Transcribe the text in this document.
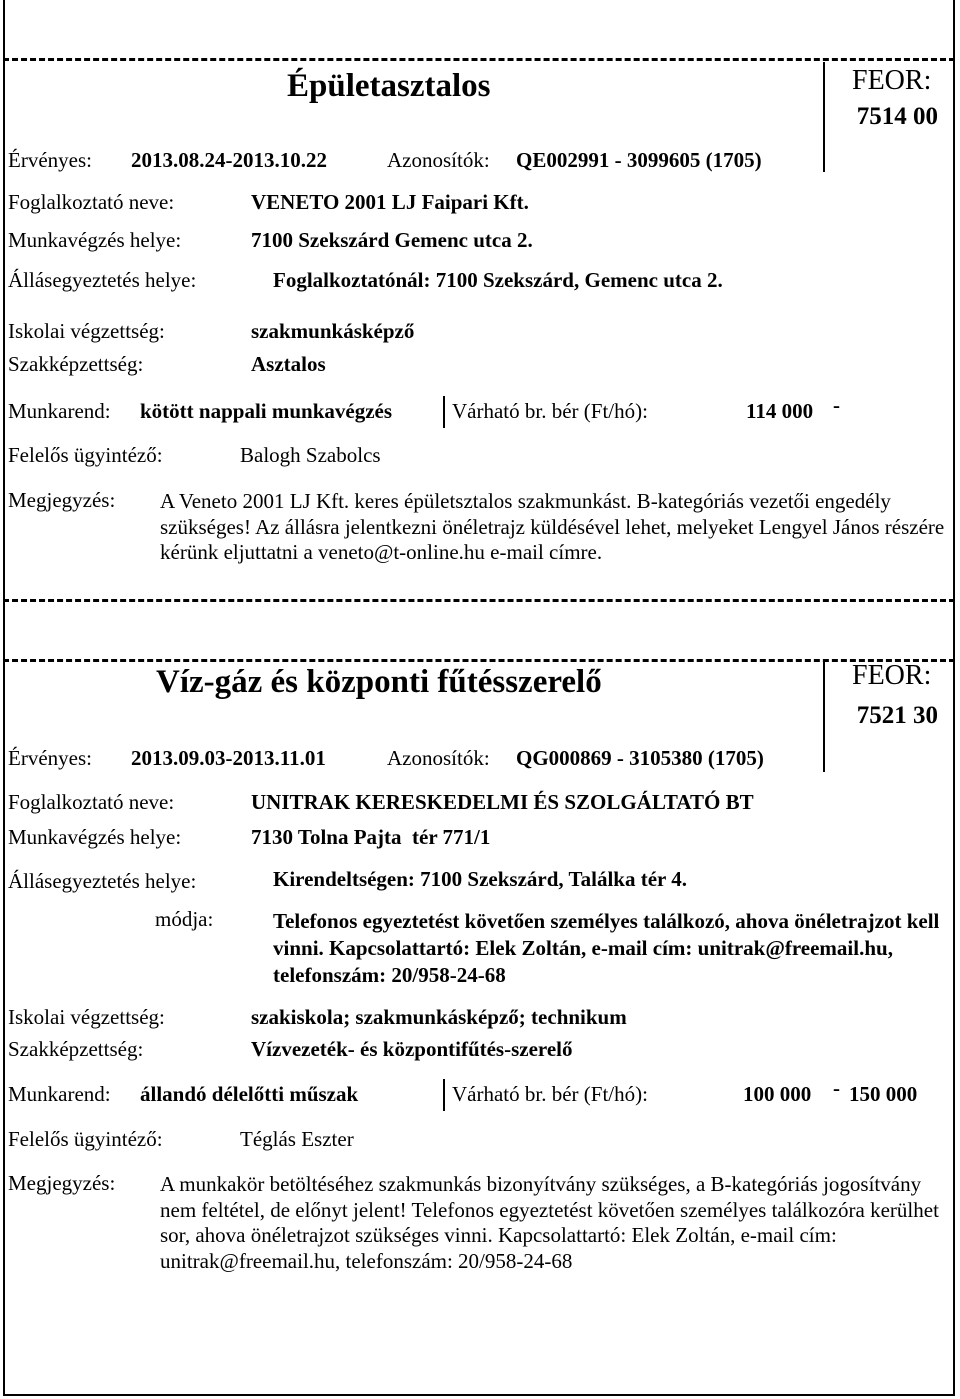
Épületasztalos	FEOR:
7514 00
Érvényes: 2013.08.24-2013.10.22	Azonosítók: QE002991 - 3099605 (1705)
Foglalkoztató neve:	VENETO 2001 LJ Faipari Kft.
Munkavégzés helye:	7100 Szekszárd Gemenc utca 2.
Állásegyeztetés helye:	Foglalkoztatónál: 7100 Szekszárd, Gemenc utca 2.
Iskolai végzettség:	szakmunkásképző
Szakképzettség:	Asztalos
Munkarend: kötött nappali munkavégzés	Várható br. bér (Ft/hó):	114 000 -
Felelős ügyintéző:	Balogh Szabolcs
Megjegyzés: A Veneto 2001 LJ Kft. keres épületsztalos szakmunkást. B-kategóriás vezetői engedély szükséges! Az állásra jelentkezni önéletrajz küldésével lehet, melyeket Lengyel János részére kérünk eljuttatni a veneto@t-online.hu e-mail címre.
Víz-gáz és központi fűtésszerelő	FEOR:
7521 30
Érvényes: 2013.09.03-2013.11.01	Azonosítók: QG000869 - 3105380 (1705)
Foglalkoztató neve:	UNITRAK KERESKEDELMI ÉS SZOLGÁLTATÓ BT
Munkavégzés helye:	7130 Tolna Pajta  tér 771/1
Állásegyeztetés helye:	Kirendeltségen: 7100 Szekszárd, Találka tér 4.
módja:	Telefonos egyeztetést követően személyes találkozó, ahova önéletrajzot kell vinni. Kapcsolattartó: Elek Zoltán, e-mail cím: unitrak@freemail.hu, telefonszám: 20/958-24-68
Iskolai végzettség:	szakiskola; szakmunkásképző; technikum
Szakképzettség:	Vízvezeték- és központifűtés-szerelő
Munkarend: állandó délelőtti műszak	Várható br. bér (Ft/hó):	100 000 - 150 000
Felelős ügyintéző:	Téglás Eszter
Megjegyzés: A munkakör betöltéséhez szakmunkás bizonyítvány szükséges, a B-kategóriás jogosítvány nem feltétel, de előnyt jelent! Telefonos egyeztetést követően személyes találkozóra kerülhet sor, ahova önéletrajzot szükséges vinni. Kapcsolattartó: Elek Zoltán, e-mail cím: unitrak@freemail.hu, telefonszám: 20/958-24-68
